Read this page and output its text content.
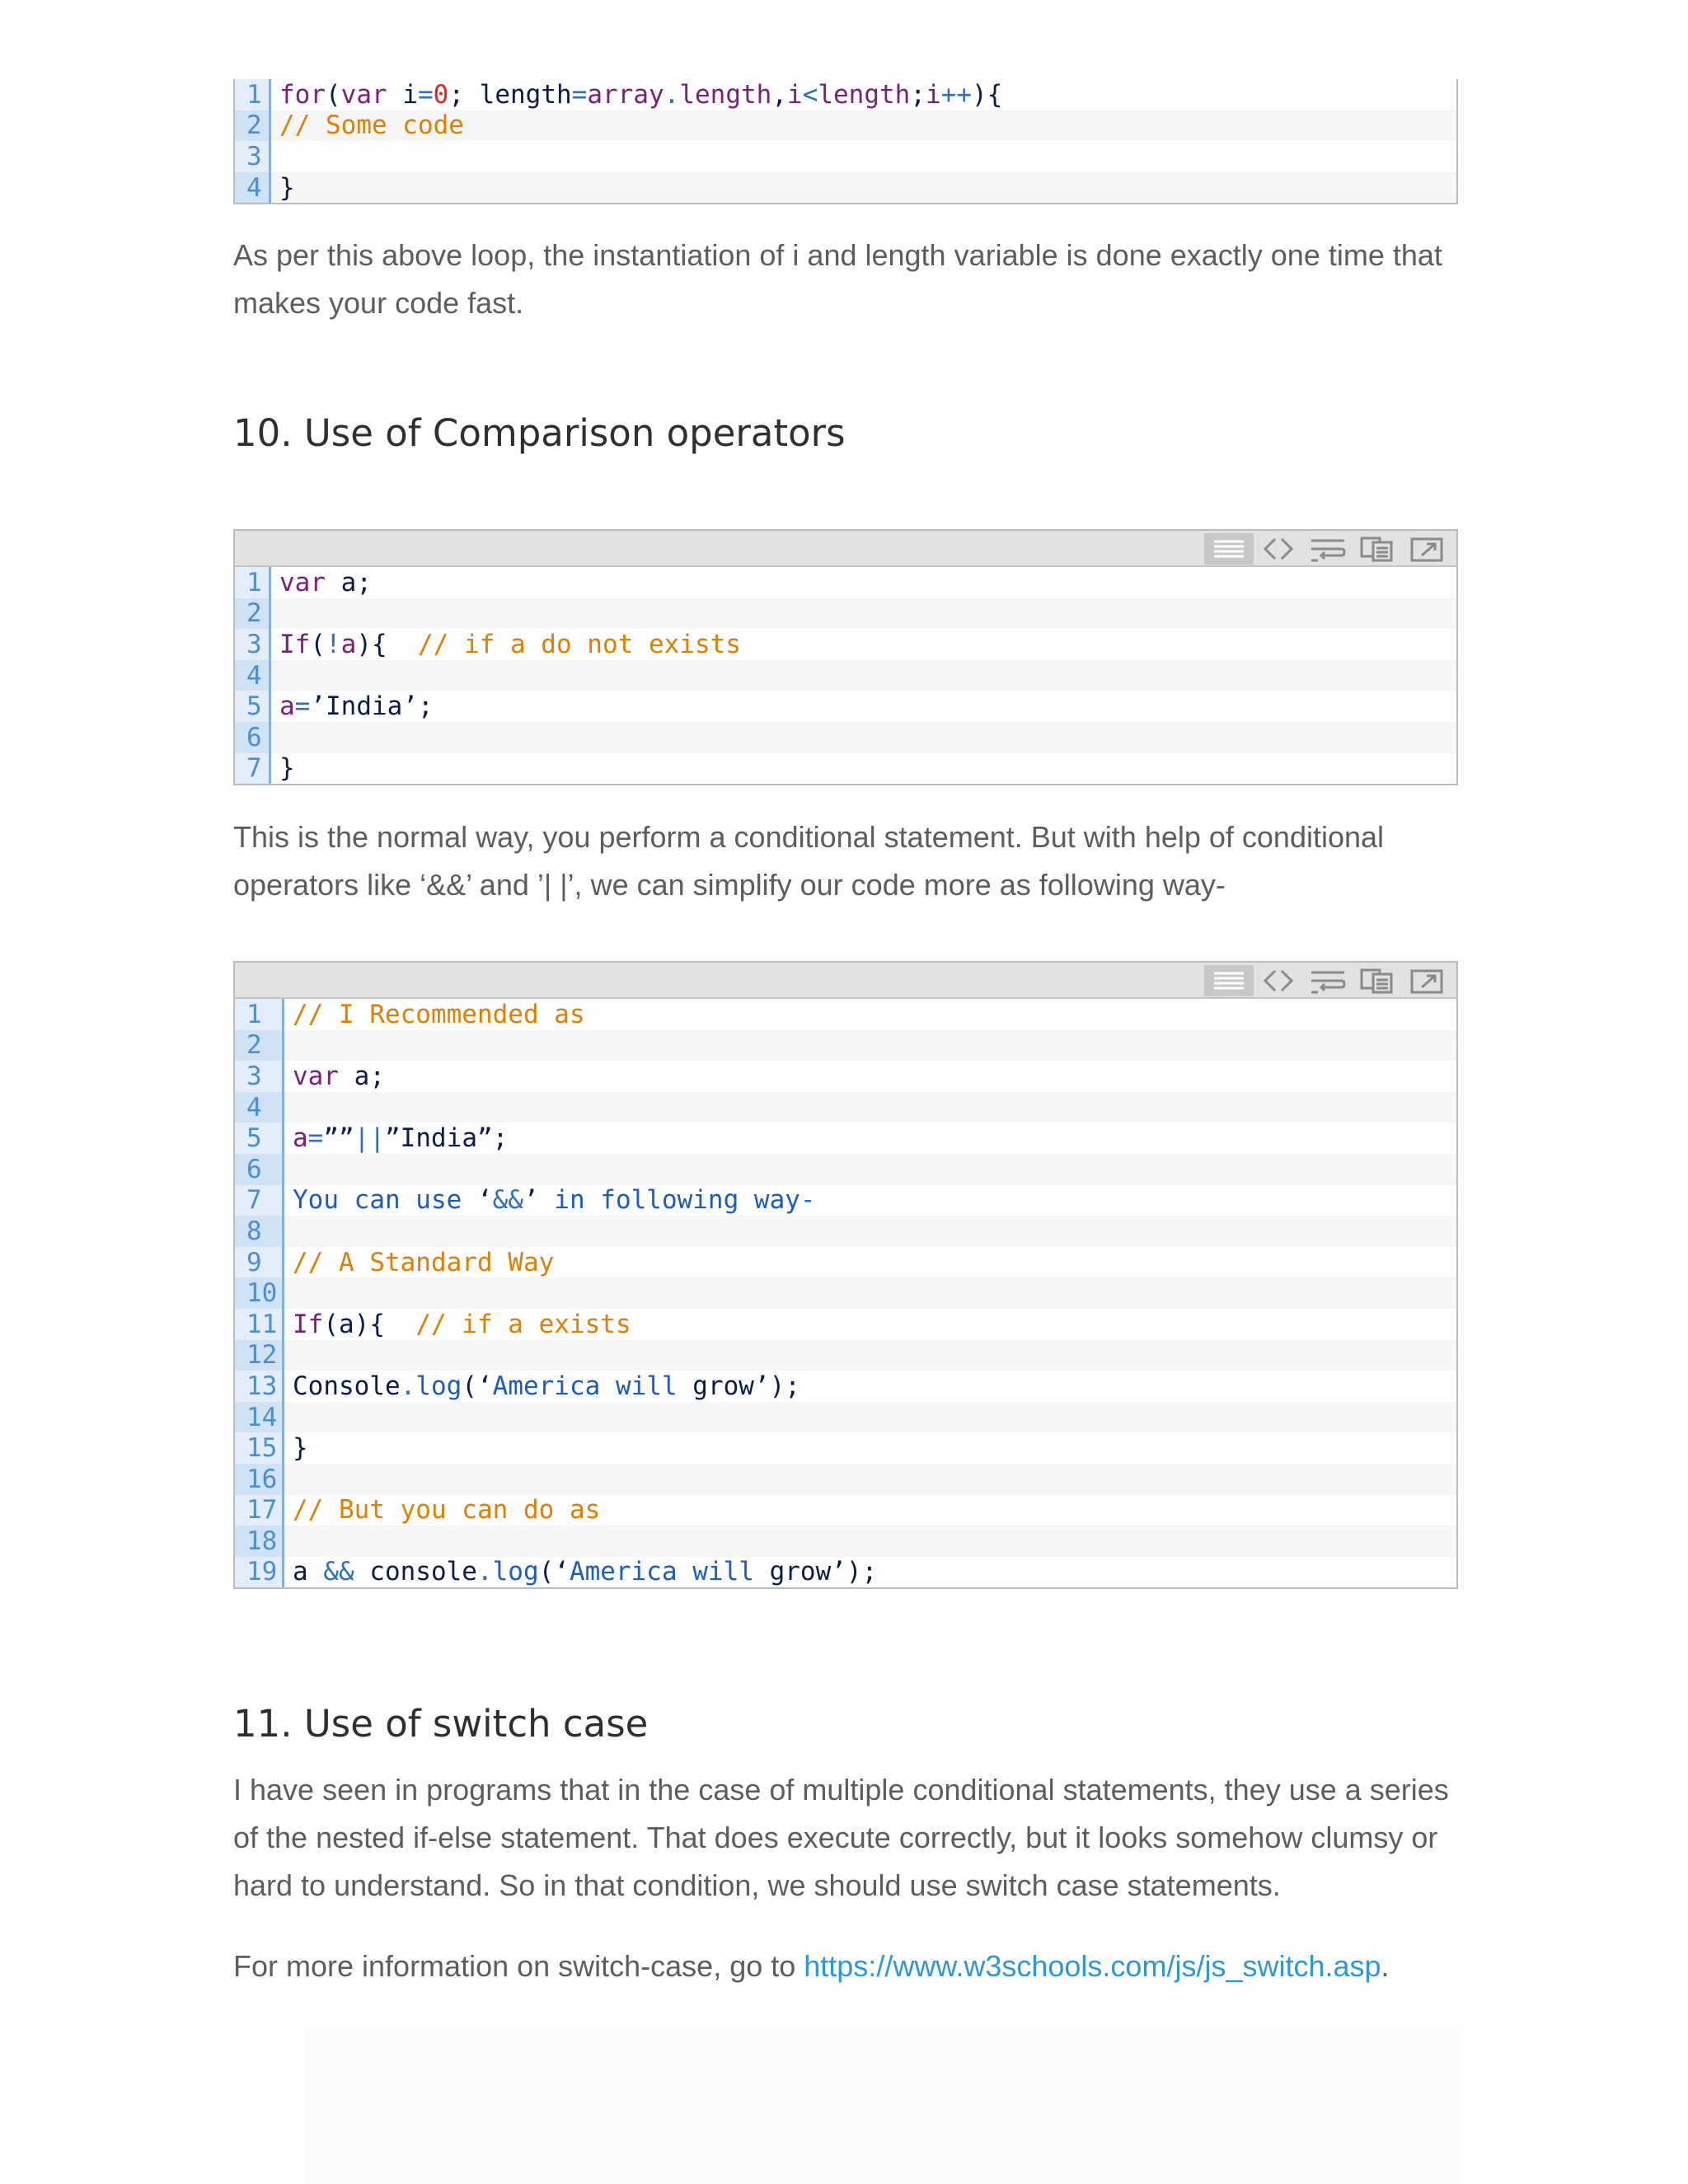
1 for ( var i = 0 ; length = array . length , i < length ; i ++ ){
2 // Some code
3
4 }

As per this above loop, the instantiation of i and length variable is done exactly one time that makes your code fast.

10. Use of Comparison operators
1 var a;
2
3 If ( ! a ){ // if a do not exists
4
5 a = ’India’;
6
7 }

This is the normal way, you perform a conditional statement. But with help of conditional operators like ‘&&’ and ’| |’, we can simplify our code more as following way-

1	// I Recommended as
2
3	var a;
4
5	a = ”” || ”India”;
6
7	You can use ‘ && ’ in following way -
8
9	// A Standard Way
10
11 If (a){ // if a exists
12
13 Console . log (‘ America will grow’);
14
15 }
16
17 // But you can do as
18
19 a && console . log (‘ America will grow’);
11. Use of switch case

I have seen in programs that in the case of multiple conditional statements, they use a series of the nested if-else statement. That does execute correctly, but it looks somehow clumsy or hard to understand. So in that condition, we should use switch case statements.

For more information on switch-case, go to https://www.w3schools.com/js/js_switch.asp.
